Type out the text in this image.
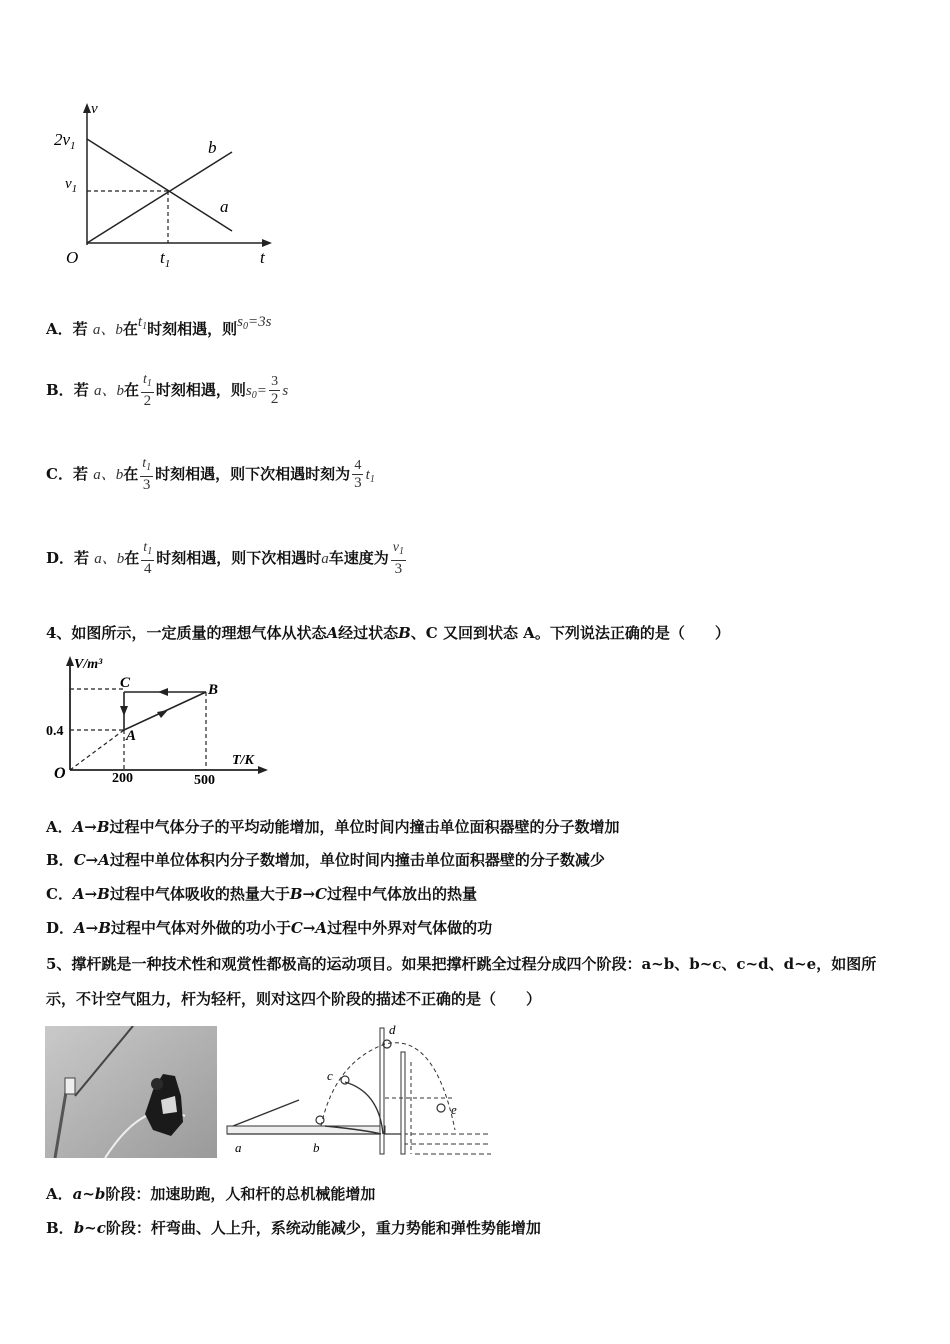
v
$2v_1$
$v_1$
O	$t_1$	t
b
a
A．若 a、b在$t_1$时刻相遇，则$s_0=3s$
B．若 a、b在 $\frac{t_1}{2}$ 时刻相遇，则$s_0= \frac{3}{2}$ s
C．若 a、b在 $\frac{t_1}{3}$ 时刻相遇，则下次相遇时刻为 $\frac{4}{3} t_1$
D．若 a、b在 $\frac{t_1}{4}$ 时刻相遇，则下次相遇时a车速度为 $\frac{v_1}{3}$
4、如图所示，一定质量的理想气体从状态A经过状态B、C 又回到状态 A。下列说法正确的是（　　）
V/m³
T/K
O
0.4
200	500
A
B
C
A．A→B过程中气体分子的平均动能增加，单位时间内撞击单位面积器壁的分子数增加
B．C→A过程中单位体积内分子数增加，单位时间内撞击单位面积器壁的分子数减少
C．A→B过程中气体吸收的热量大于B→C过程中气体放出的热量
D．A→B过程中气体对外做的功小于C→A过程中外界对气体做的功
5、撑杆跳是一种技术性和观赏性都极高的运动项目。如果把撑杆跳全过程分成四个阶段：a~b、b~c、c~d、d~e，如图所
示，不计空气阻力，杆为轻杆，则对这四个阶段的描述不正确的是（　　）
a	b
c
d
e
A．a~b阶段：加速助跑，人和杆的总机械能增加
B．b~c阶段：杆弯曲、人上升，系统动能减少，重力势能和弹性势能增加
